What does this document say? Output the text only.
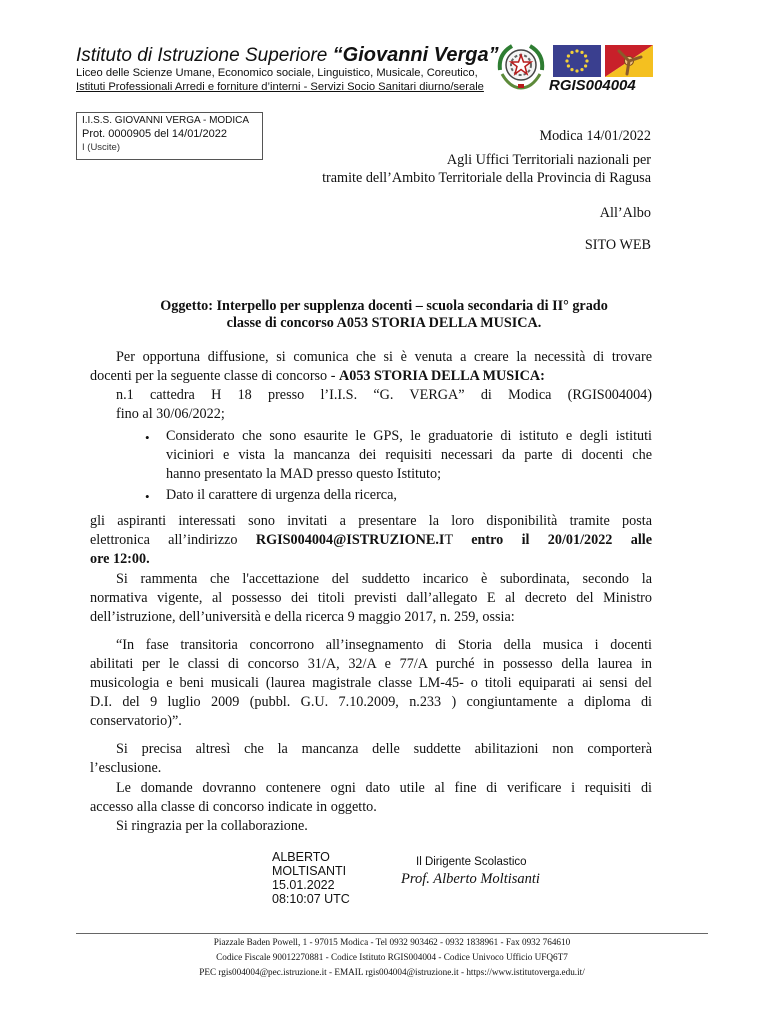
Istituto di Istruzione Superiore “Giovanni Verga”
Liceo delle Scienze Umane, Economico sociale, Linguistico, Musicale, Coreutico,
Istituti Professionali Arredi e forniture d’interni - Servizi Socio Sanitari diurno/serale	RGIS004004
I.I.S.S. GIOVANNI VERGA - MODICA
Prot. 0000905 del 14/01/2022
I (Uscite)
Modica 14/01/2022
Agli Uffici Territoriali nazionali per
tramite dell’Ambito Territoriale della Provincia di Ragusa
All’Albo
SITO WEB
Oggetto: Interpello per supplenza docenti – scuola secondaria di II° grado
classe di concorso A053 STORIA DELLA MUSICA.
Per opportuna diffusione, si comunica che si è venuta a creare la necessità di trovare
docenti per la seguente classe di concorso - A053 STORIA DELLA MUSICA:
n.1 cattedra H 18 presso l’I.I.S. “G. VERGA” di Modica (RGIS004004)
fino al 30/06/2022;
• Considerato che sono esaurite le GPS, le graduatorie di istituto e degli istituti
viciniori e vista la mancanza dei requisiti necessari da parte di docenti che
hanno presentato la MAD presso questo Istituto;
• Dato il carattere di urgenza della ricerca,
gli aspiranti interessati sono invitati a presentare la loro disponibilità tramite posta
elettronica all’indirizzo RGIS004004@ISTRUZIONE.IT entro il 20/01/2022 alle
ore 12:00.
Si rammenta che l'accettazione del suddetto incarico è subordinata, secondo la
normativa vigente, al possesso dei titoli previsti dall’allegato E al decreto del Ministro
dell’istruzione, dell’università e della ricerca 9 maggio 2017, n. 259, ossia:
“In fase transitoria concorrono all’insegnamento di Storia della musica i docenti
abilitati per le classi di concorso 31/A, 32/A e 77/A purché in possesso della laurea in
musicologia e beni musicali (laurea magistrale classe LM-45- o titoli equiparati ai sensi del
D.I. del 9 luglio 2009 (pubbl. G.U. 7.10.2009, n.233 ) congiuntamente a diploma di
conservatorio)”.
Si precisa altresì che la mancanza delle suddette abilitazioni non comporterà
l’esclusione.
Le domande dovranno contenere ogni dato utile al fine di verificare i requisiti di
accesso alla classe di concorso indicate in oggetto.
Si ringrazia per la collaborazione.
ALBERTO
MOLTISANTI
15.01.2022
08:10:07 UTC
Il Dirigente Scolastico
Prof. Alberto Moltisanti
Piazzale Baden Powell, 1 - 97015 Modica - Tel 0932 903462 - 0932 1838961 - Fax 0932 764610
Codice Fiscale 90012270881 - Codice Istituto RGIS004004 - Codice Univoco Ufficio UFQ6T7
PEC rgis004004@pec.istruzione.it - EMAIL rgis004004@istruzione.it - https://www.istitutoverga.edu.it/
